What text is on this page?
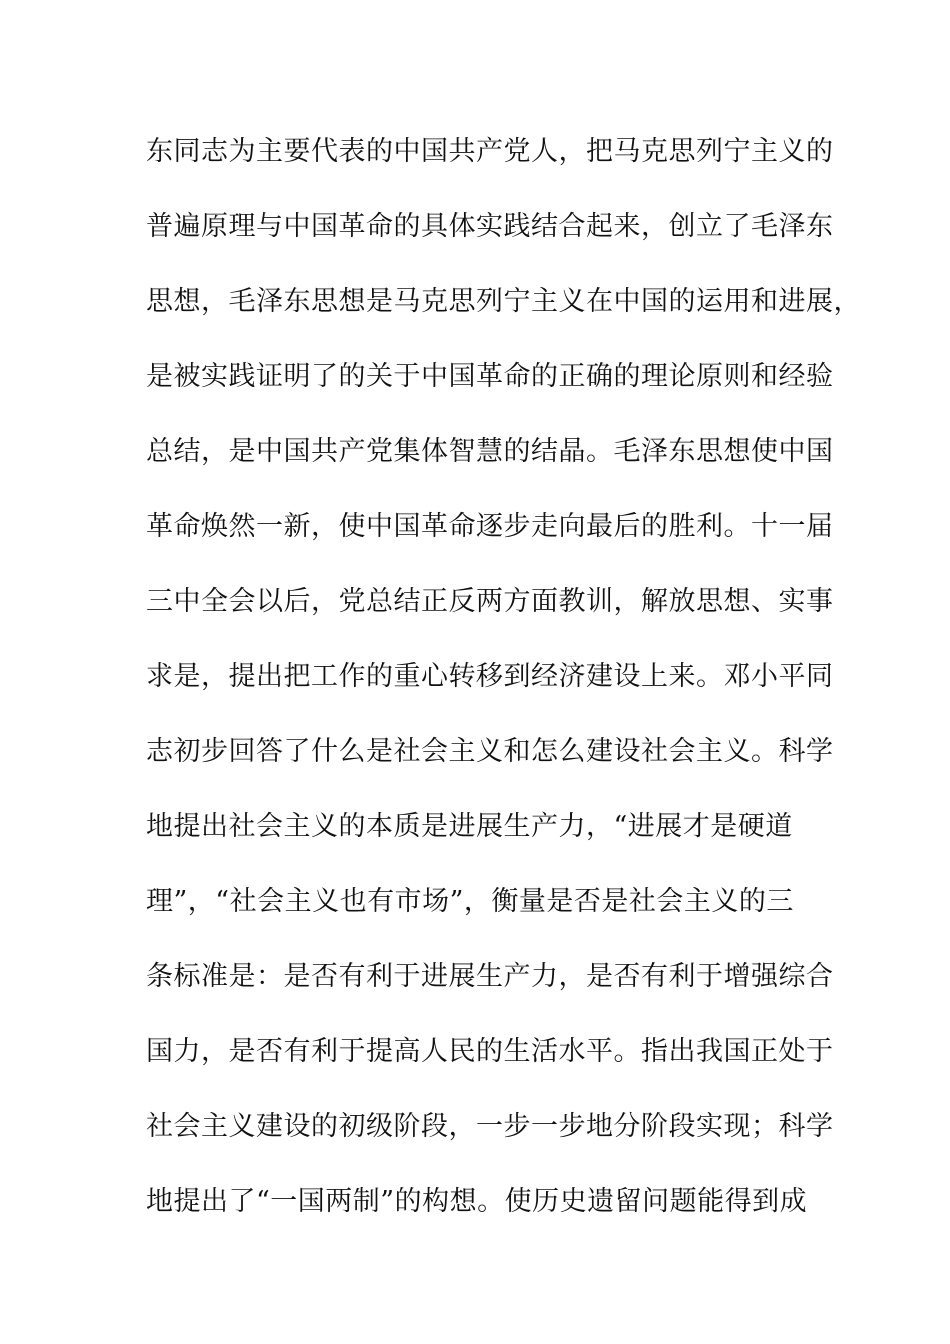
东同志为主要代表的中国共产党人，把马克思列宁主义的
普遍原理与中国革命的具体实践结合起来，创立了毛泽东
思想，毛泽东思想是马克思列宁主义在中国的运用和进展，
是被实践证明了的关于中国革命的正确的理论原则和经验
总结，是中国共产党集体智慧的结晶。毛泽东思想使中国
革命焕然一新，使中国革命逐步走向最后的胜利。十一届
三中全会以后，党总结正反两方面教训，解放思想、实事
求是，提出把工作的重心转移到经济建设上来。邓小平同
志初步回答了什么是社会主义和怎么建设社会主义。科学
地提出社会主义的本质是进展生产力，“进展才是硬道
理”，“社会主义也有市场”，衡量是否是社会主义的三
条标准是：是否有利于进展生产力，是否有利于增强综合
国力，是否有利于提高人民的生活水平。指出我国正处于
社会主义建设的初级阶段，一步一步地分阶段实现；科学
地提出了“一国两制”的构想。使历史遗留问题能得到成
